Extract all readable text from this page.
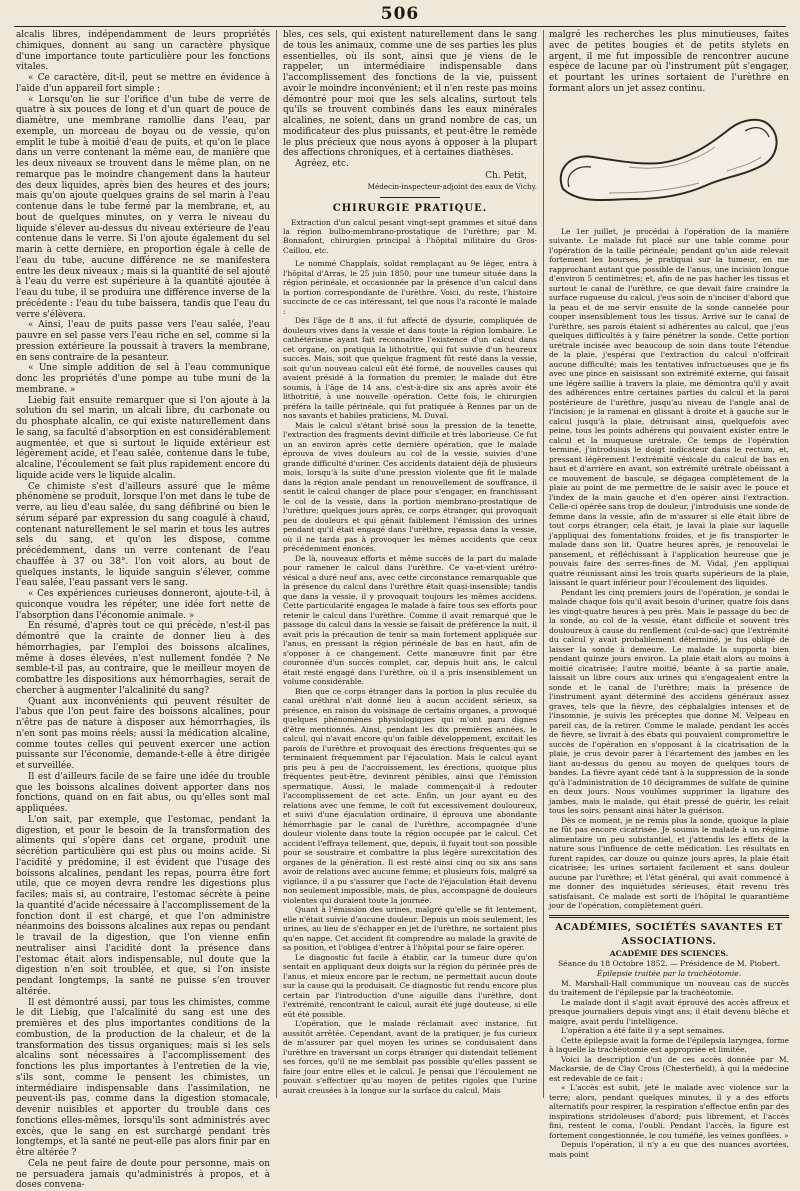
506

alcalis libres, indépendamment de leurs propriétés chimiques, donnent au sang un caractère physique d'une importance toute particulière pour les fonctions vitales.

« Ce caractère, dit-il, peut se mettre en évidence à l'aide d'un appareil fort simple :

« Lorsqu'on lie sur l'orifice d'un tube de verre de quatre à six pouces de long et d'un quart de pouce de diamètre, une membrane ramollie dans l'eau, par exemple, un morceau de boyau ou de vessie, qu'on emplit le tube à moitié d'eau de puits, et qu'on le place dans un verre contenant la même eau, de manière que les deux niveaux se trouvent dans le même plan, on ne remarque pas le moindre changement dans la hauteur des deux liquides, après bien des heures et des jours; mais qu'on ajoute quelques grains de sel marin à l'eau contenue dans le tube fermé par la membrane, et, au bout de quelques minutes, on y verra le niveau du liquide s'élever au-dessus du niveau extérieure de l'eau contenue dans le verre. Si l'on ajoute également du sel marin à cette dernière, en proportion égale à celle de l'eau du tube, aucune différence ne se manifestera entre les deux niveaux ; mais si la quantité de sel ajouté à l'eau du verre est supérieure à la quantité ajoutée à l'eau du tube, il se produira une différence inverse de la précédente : l'eau du tube baissera, tandis que l'eau du verre s'élèvera.

« Ainsi, l'eau de puits passe vers l'eau salée, l'eau pauvre en sel passe vers l'eau riche en sel, comme si la pression extérieure la poussait à travers la membrane, en sens contraire de la pesanteur.

« Une simple addition de sel à l'eau communique donc les propriétés d'une pompe au tube muni de la membrane. »

Liebig fait ensuite remarquer que si l'on ajoute à la solution du sel marin, un alcali libre, du carbonate ou du phosphate alcalin, ce qui existe naturellement dans le sang, sa faculté d'absorption en est considérablement augmentée, et que si surtout le liquide extérieur est légèrement acide, et l'eau salée, contenue dans le tube, alcaline, l'écoulement se fait plus rapidement encore du liquide acide vers le liquide alcalin.

Ce chimiste s'est d'ailleurs assuré que le même phénomène se produit, lorsque l'on met dans le tube de verre, au lieu d'eau salée, du sang défibriné ou bien le sérum séparé par expression du sang coagulé à chaud, contenant naturellement le sel marin et tous les autres sels du sang, et qu'on les dispose, comme précédemment, dans un verre contenant de l'eau chauffée à 37 ou 38°. l'on voit alors, au bout de quelques instants, le liquide sanguin s'élever, comme l'eau salée, l'eau passant vers le sang.

« Ces expériences curieuses donneront, ajoute-t-il, à quiconque voudra les répéter, une idée fort nette de l'absorption dans l'économie animale. »

En résumé, d'après tout ce qui précède, n'est-il pas démontré que la crainte de donner lieu à des hémorrhagies, par l'emploi des boissons alcalines, même à doses élevées, n'est nullement fondée ? Ne semble-t-il pas, au contraire, que le meilleur moyen de combattre les dispositions aux hémorrhagies, serait de chercher à augmenter l'alcalinité du sang?

Quant aux inconvénients qui peuvent résulter de l'abus que l'on peut faire des boissons alcalines, pour n'être pas de nature à disposer aux hémorrhagies, ils n'en sont pas moins réels; aussi la médication alcaline, comme toutes celles qui peuvent exercer une action puissante sur l'économie, demande-t-elle à être dirigée et surveillée.

Il est d'ailleurs facile de se faire une idée du trouble que les boissons alcalines doivent apporter dans nos fonctions, quand on en fait abus, ou qu'elles sont mal appliquées.

L'on sait, par exemple, que l'estomac, pendant la digestion, et pour le besoin de la transformation des aliments qui s'opère dans cet organe, produit une sécrétion particulière qui est plus ou moins acide. Si l'acidité y prédomine, il est évident que l'usage des boissons alcalines, pendant les repas, pourra être fort utile, que ce moyen devra rendre les digestions plus faciles; mais si, au contraire, l'estomac sécrète à peine la quantité d'acide nécessaire à l'accomplissement de la fonction dont il est chargé, et que l'on administre néanmoins des boissons alcalines aux repas ou pendant le travail de la digestion, que l'on vienne enfin neutraliser ainsi l'acidité dont la présence dans l'estomac était alors indispensable, nul doute que la digestion n'en soit troublée, et que, si l'on insiste pendant longtemps, la santé ne puisse s'en trouver altérée.

Il est démontré aussi, par tous les chimistes, comme le dit Liebig, que l'alcalinité du sang est une des premières et des plus importantes conditions de la combustion, de la production de la chaleur, et de la transformation des tissus organiques; mais si les sels alcalins sont nécessaires à l'accomplissement des fonctions les plus importantes à l'entretien de la vie, s'ils sont, comme le pensent les chimistes, un intermédiaire indispensable dans l'assimilation, ne peuvent-ils pas, comme dans la digestion stomacale, devenir nuisibles et apporter du trouble dans ces fonctions elles-mêmes, lorsqu'ils sont administrés avec excès, que le sang en est surchargé pendant très longtemps, et la santé ne peut-elle pas alors finir par en être altérée ?

Cela ne peut faire de doute pour personne, mais on ne persuadera jamais qu'administrés à propos, et à doses convena-

bles, ces sels, qui existent naturellement dans le sang de tous les animaux, comme une de ses parties les plus essentielles, où ils sont, ainsi que je viens de le rappeler, un intermédiaire indispensable dans l'accomplissement des fonctions de la vie, puissent avoir le moindre inconvénient; et il n'en reste pas moins démontré pour moi que les sels alcalins, surtout tels qu'ils se trouvent combinés dans les eaux minérales alcalines, ne soient, dans un grand nombre de cas, un modificateur des plus puissants, et peut-être le remède le plus précieux que nous ayons à opposer à la plupart des affections chroniques, et à certaines diathèses.

Agréez, etc.

Ch. Petit,
Médecin-inspecteur-adjoint des eaux de Vichy.
CHIRURGIE PRATIQUE.

Extraction d'un calcul pesant vingt-sept grammes et situé dans la région bulbo-membrano-prostatique de l'urèthre; par M. Bonnafont, chirurgien principal à l'hôpital militaire du Gros-Caillou, etc.

Le nommé Chapplais, soldat remplaçant au 9e léger, entra à l'hôpital d'Arras, le 25 juin 1850, pour une tumeur située dans la région périnéale, et occasionnée par la présence d'un calcul dans la portion correspondante de l'urèthre. Voici, du reste, l'histoire succincte de ce cas intéressant, tel que nous l'a raconté le malade :

Dès l'âge de 8 ans, il fut affecté de dysurie, compliquée de douleurs vives dans la vessie et dans toute la région lombaire. Le cathétérisme ayant fait reconnaître l'existence d'un calcul dans cet organe, on pratiqua la lithotritie, qui fut suivie d'un heureux succès. Mais, soit que quelque fragment fût resté dans la vessie, soit qu'un nouveau calcul eût été formé, de nouvelles causes qui avaient présidé à la formation du premier, le malade dut être soumis, à l'âge de 14 ans, c'est-à-dire six ans après avoir été lithotritié, à une nouvelle opération. Cette fois, le chirurgien préféra la taille périnéale, qui fut pratiquée à Rennes par un de nos savants et habiles praticiens, M. Duval.

Mais le calcul s'étant brisé sous la pression de la tenette, l'extraction des fragments devint difficile et très laborieuse. Ce fut un an environ après cette dernière opération, que le malade éprouva de vives douleurs au col de la vessie, suivies d'une grande difficulté d'uriner. Ces accidents dataient déjà de plusieurs mois, lorsqu'à la suite d'une pression violente que fit le malade dans la région anale pendant un renouvellement de souffrance, il sentit le calcul changer de place pour s'engager, en franchissant le col de la vessie, dans la portion membrano-prostatique de l'urèthre; quelques jours après, ce corps étranger, qui provoquait peu de douleurs et qui gênait faiblement l'émission des urines pendant qu'il était engagé dans l'urèthre, repassa dans la vessie, où il ne tarda pas à provoquer les mêmes accidents que ceux précédemment énoncés.

De là, nouveaux efforts et même succès de la part du malade pour ramener le calcul dans l'urèthre. Ce va-et-vient urétro-vésical a duré neuf ans, avec cette circonstance remarquable que la présence du calcul dans l'urèthre était quasi-insensible; tandis que dans la vessie, il y provoquait toujours les mêmes accidens. Cette particularité engagea le malade à faire tous ses efforts pour retenir le calcul dans l'urèthre. Comme il avait remarqué que le passage du calcul dans la vessie se faisait de préférence la nuit, il avait pris la précaution de tenir sa main fortement appliquée sur l'anus, en pressant la région périnéale de bas en haut, afin de s'opposer à ce changement. Cette manœuvre finit par être couronnée d'un succès complet, car, depuis huit ans, le calcul était resté engagé dans l'urèthre, où il a pris insensiblement un volume considérable.

Bien que ce corps étranger dans la portion la plus reculée du canal uréthral n'ait donné lieu à aucun accident sérieux, sa présence, en raison du voisinage de certains organes, a provoqué quelques phénomènes physiologiques qui m'ont paru dignes d'être mentionnés. Ainsi, pendant les dix premières années, le calcul, qui n'avait encore qu'un faible développement, excitait les parois de l'urèthre et provoquait des érections fréquentes qui se terminaient fréquemment par l'éjaculation. Mais le calcul ayant pris peu à peu de l'accroissement, les érections, quoique plus fréquentes peut-être, devinrent pénibles, ainsi que l'émission spermatique. Aussi, le malade commençait-il à redouter l'accomplissement de cet acte. Enfin, un jour ayant eu des relations avec une femme, le coït fut excessivement douloureux, et suivi d'une éjaculation ordinaire, il éprouva une abondante hémorrhagie par le canal de l'urèthre, accompagnée d'une douleur violente dans toute la région occupée par le calcul. Cet accident l'effraya tellement, que, depuis, il fuyait tout son possible pour se soustraire et combattre la plus légère surexcitation des organes de la génération. Il est resté ainsi cinq ou six ans sans avoir de relations avec aucune femme; et plusieurs fois, malgré sa vigilance, il a pu s'assurer que l'acte de l'éjaculation était devenu non seulement impossible, mais, de plus, accompagné de douleurs violentes qui duraient toute la journée.

Quant à l'émission des urines, malgré qu'elle se fit lentement, elle n'était suivie d'aucune douleur. Depuis un mois seulement, les urines, au lieu de s'échapper en jet de l'urèthre, ne sortaient plus qu'en nappe. Cet accident fit comprendre au malade la gravité de sa position, et l'obligea d'entrer à l'hôpital pour se faire opérer.

Le diagnostic fut facile à établir, car la tumeur dure qu'on sentait en appliquant deux doigts sur la région du périnée près de l'anus, et mieux encore par le rectum, ne permettait aucun doute sur la cause qui la produisait. Ce diagnostic fut rendu encore plus certain par l'introduction d'une aiguille dans l'urèthre, dont l'extrémité, rencontrant le calcul, aurait été jugé douteuse, si elle eût été possible.

L'opération, que le malade réclamait avec instance, fut aussitôt arrêtée. Cependant, avant de la pratiquer, je fus curieux de m'assurer par quel moyen les urines se conduisaient dans l'urèthre en traversant un corps étranger qui distendait tellement ses forces, qu'il ne me semblait pas possible qu'elles passent se faire jour entre elles et le calcul. Je pensai que l'écoulement ne pouvait s'effectuer qu'au moyen de petites rigoles que l'urine aurait creusées à la longue sur la surface du calcul. Mais

malgré les recherches les plus minutieuses, faites avec de petites bougies et de petits stylets en argent, il me fut impossible de rencontrer aucune espèce de lacune par où l'instrument pût s'engager, et pourtant les urines sortaient de l'urèthre en formant alors un jet assez continu.

Le 1er juillet, je procédai à l'opération de la manière suivante. Le malade fut placé sur une table comme pour l'opération de la taille périnéale; pendant qu'un aide relevait fortement les bourses, je pratiquai sur la tumeur, en me rapprochant autant que possible de l'anus, une incision longue d'environ 5 centimètres; et, afin de ne pas hacher les tissus et surtout le canal de l'urèthre, ce que devait faire craindre la surface rugueuse du calcul, j'eus soin de n'inciser d'abord que la peau et de me servir ensuite de la sonde cannelée pour couper insensiblement tous les tissus. Arrivé sur le canal de l'urèthre, ses parois étaient si adhérentes au calcul, que j'eus quelques difficultés à y faire pénétrer la sonde. Cette portion urétrale incisée avec beaucoup de soin dans toute l'étendue de la plaie, j'espérai que l'extraction du calcul n'offrirait aucune difficulté; mais les tentatives infructueuses que je fis avec une pince en saisissant son extrémité externe, qui faisait une légère saillie à travers la plaie, me démontra qu'il y avait des adhérences entre certaines parties du calcul et la paroi postérieure de l'urèthre, jusqu'au niveau de l'angle anal de l'incision; je la ramenai en glissant à droite et à gauche sur le calcul jusqu'à la plaie, détruisant ainsi, quelquefois avec peine, tous les points adhérens qui pouvaient exister entre le calcul et la muqueuse urétrale. Ce temps de l'opération terminé, j'introduisis le doigt indicateur dans le rectum, et, pressant légèrement l'extrémité vésicale du calcul de bas en haut et d'arrière en avant, son extrémité urétrale obéissant à ce mouvement de bascule, se dégagea complètement de la plaie au point de me permettre de le saisir avec le pouce et l'index de la main gauche et d'en opérer ainsi l'extraction. Celle-ci opérée sans trop de douleur, j'introduisis une sonde de femme dans la vessie, afin de m'assurer si elle était libre de tout corps étranger; cela était, je lavai la plaie sur laquelle j'appliquai des fomentations froides, et je fis transporter le malade dans son lit. Quatre heures après, je renouvelai le pansement, et réfléchissant à l'application heureuse que je pouvais faire des serres-fines de M. Vidal, j'en appliquai quatre réunissant ainsi les trois quarts supérieurs de la plaie, laissant le quart inférieur pour l'écoulement des liquides.

Pendant les cinq premiers jours de l'opération, je sondai le malade chaque fois qu'il avait besoin d'uriner, quatre fois dans les vingt-quatre heures à peu près. Mais le passage du bec de la sonde, au col de la vessie, étant difficile et souvent très douloureux à cause du renflement (cul-de-sac) que l'extrémité du calcul y avait probablement déterminé, je fus obligé de laisser la sonde à demeure. Le malade la supporta bien pendant quinze jours environ. La plaie était alors au moins à moitié cicatrisée; l'autre moitié, béante à sa partie anale, laissait un libre cours aux urines qui s'engageaient entre la sonde et le canal de l'urèthre; mais la présence de l'instrument ayant déterminé des accidens généraux assez graves, tels que la fièvre, des céphalalgies intenses et de l'insomnie, je suivis les préceptes que donne M. Velpeau en pareil cas, de la retirer. Comme le malade, pendant les accès de fièvre, se livrait à des ébats qui pouvaient compromettre le succès de l'opération en s'opposant à la cicatrisation de la plaie, je crus devoir parer à l'écartement des jambes en les liant au-dessus du genou au moyen de quelques tours de bandes. La fièvre ayant cédé tant à la suppression de la sonde qu'à l'administration de 10 décigrammes de sulfate de quinine en deux jours. Nous voulûmes supprimer la ligature des jambes, mais le malade, qui était pressé de guérir, les relait tous les soirs, pensant ainsi hâter la guérison.

Dès ce moment, je ne remis plus la sonde, quoique la plaie ne fût pas encore cicatrisée. Je soumis le malade à un régime alimentaire un peu substantiel, et j'attendis les effets de la nature sous l'influence de cette médication. Les résultats en furent rapides, car douze ou quinze jours après, la plaie était cicatrisée; les urines sortaient facilement et sans douleur aucune par l'urèthre; et l'état général, qui avait commencé à me donner des inquiétudes sérieuses, était revenu très satisfaisant. Ce malade est sorti de l'hôpital le quarantième jour de l'opération, complètement guéri.

ACADÉMIES, SOCIÉTÉS SAVANTES ET ASSOCIATIONS.
ACADÉMIE DES SCIENCES.
Séance du 18 Octobre 1852. — Présidence de M. Piobert.
Épilepsie traitée par la trachéotomie.

M. Marshall-Hall communique un nouveau cas de succès du traitement de l'épilepsie par la trachéotomie.

Le malade dont il s'agit avait éprouvé des accès affreux et presque journaliers depuis vingt ans; il était devenu blêche et maigre, avait perdu l'intelligence.

L'opération a été faite il y a sept semaines.

Cette épilepsie avait la forme de l'épilepsia laryngea, forme à laquelle la trachéotomie est appropriée et limitée.

Voici la description d'un de ces accès donnée par M. Mackarsie, de de Clay Cross (Chesterfield), à qui la médecine est redevable de ce fait :

« L'accès est subit, jeté le malade avec violence sur la terre; alors, pendant quelques minutes, il y a des efforts alternatifs pour respirer, la respiration s'effectue enfin par des inspirations stridoleuses d'abord; puis librement, et l'accès fini, restent le coma, l'oubli. Pendant l'accès, la figure est fortement congestionnée, le cou tuméfié, les veines gonflées. »

Depuis l'opération, il n'y a eu que des nuances avortées, mais point
